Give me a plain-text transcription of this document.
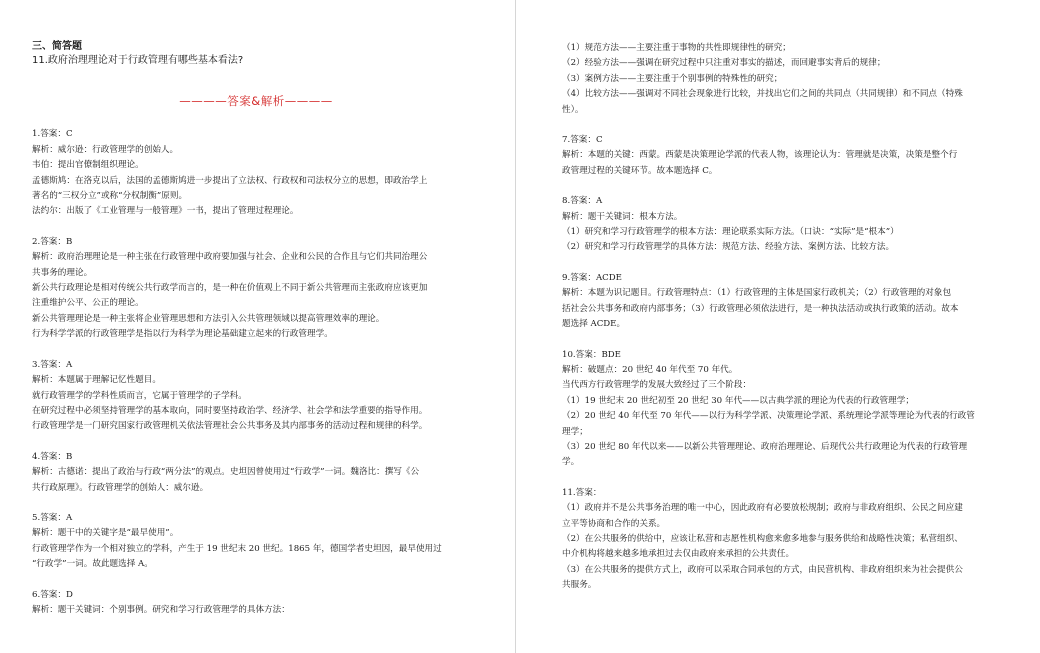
三、简答题
11.政府治理理论对于行政管理有哪些基本看法?
————答案&解析————
1.答案：C
解析：威尔逊：行政管理学的创始人。
韦伯：提出官僚制组织理论。
孟德斯鸠：在洛克以后，法国的孟德斯鸠进一步提出了立法权、行政权和司法权分立的思想，即政治学上
著名的“三权分立”或称“分权制衡”原则。
法约尔：出版了《工业管理与一般管理》一书，提出了管理过程理论。
2.答案：B
解析：政府治理理论是一种主张在行政管理中政府要加强与社会、企业和公民的合作且与它们共同治理公
共事务的理论。
新公共行政理论是相对传统公共行政学而言的，是一种在价值观上不同于新公共管理而主张政府应该更加
注重维护公平、公正的理论。
新公共管理理论是一种主张将企业管理思想和方法引入公共管理领域以提高管理效率的理论。
行为科学学派的行政管理学是指以行为科学为理论基础建立起来的行政管理学。
3.答案：A
解析：本题属于理解记忆性题目。
就行政管理学的学科性质而言，它属于管理学的子学科。
在研究过程中必须坚持管理学的基本取向，同时要坚持政治学、经济学、社会学和法学重要的指导作用。
行政管理学是一门研究国家行政管理机关依法管理社会公共事务及其内部事务的活动过程和规律的科学。
4.答案：B
解析：古德诺：提出了政治与行政“两分法”的观点。史坦因曾使用过“行政学”一词。魏洛比：撰写《公
共行政原理》。行政管理学的创始人：威尔逊。
5.答案：A
解析：题干中的关键字是“最早使用”。
行政管理学作为一个相对独立的学科，产生于 19 世纪末 20 世纪。1865 年，德国学者史坦因，最早使用过
“行政学”一词。故此题选择 A。
6.答案：D
解析：题干关键词：个别事例。研究和学习行政管理学的具体方法：
（1）规范方法——主要注重于事物的共性即规律性的研究；
（2）经验方法——强调在研究过程中只注重对事实的描述，而回避事实背后的规律；
（3）案例方法——主要注重于个别事例的特殊性的研究；
（4）比较方法——强调对不同社会现象进行比较，并找出它们之间的共同点（共同规律）和不同点（特殊
性）。
7.答案：C
解析：本题的关键：西蒙。西蒙是决策理论学派的代表人物，该理论认为：管理就是决策，决策是整个行
政管理过程的关键环节。故本题选择 C。
8.答案：A
解析：题干关键词：根本方法。
（1）研究和学习行政管理学的根本方法：理论联系实际方法。（口诀：“实际”是“根本”）
（2）研究和学习行政管理学的具体方法：规范方法、经验方法、案例方法、比较方法。
9.答案：ACDE
解析：本题为识记题目。行政管理特点：（1）行政管理的主体是国家行政机关；（2）行政管理的对象包
括社会公共事务和政府内部事务；（3）行政管理必须依法进行，是一种执法活动或执行政策的活动。故本
题选择 ACDE。
10.答案：BDE
解析：破题点：20 世纪 40 年代至 70 年代。
当代西方行政管理学的发展大致经过了三个阶段：
（1）19 世纪末 20 世纪初至 20 世纪 30 年代——以古典学派的理论为代表的行政管理学；
（2）20 世纪 40 年代至 70 年代——以行为科学学派、决策理论学派、系统理论学派等理论为代表的行政管
理学；
（3）20 世纪 80 年代以来——以新公共管理理论、政府治理理论、后现代公共行政理论为代表的行政管理
学。
11.答案：
（1）政府并不是公共事务治理的唯一中心，因此政府有必要放松规制；政府与非政府组织、公民之间应建
立平等协商和合作的关系。
（2）在公共服务的供给中，应该让私营和志愿性机构愈来愈多地参与服务供给和战略性决策；私营组织、
中介机构将越来越多地承担过去仅由政府来承担的公共责任。
（3）在公共服务的提供方式上，政府可以采取合同承包的方式，由民营机构、非政府组织来为社会提供公
共服务。
